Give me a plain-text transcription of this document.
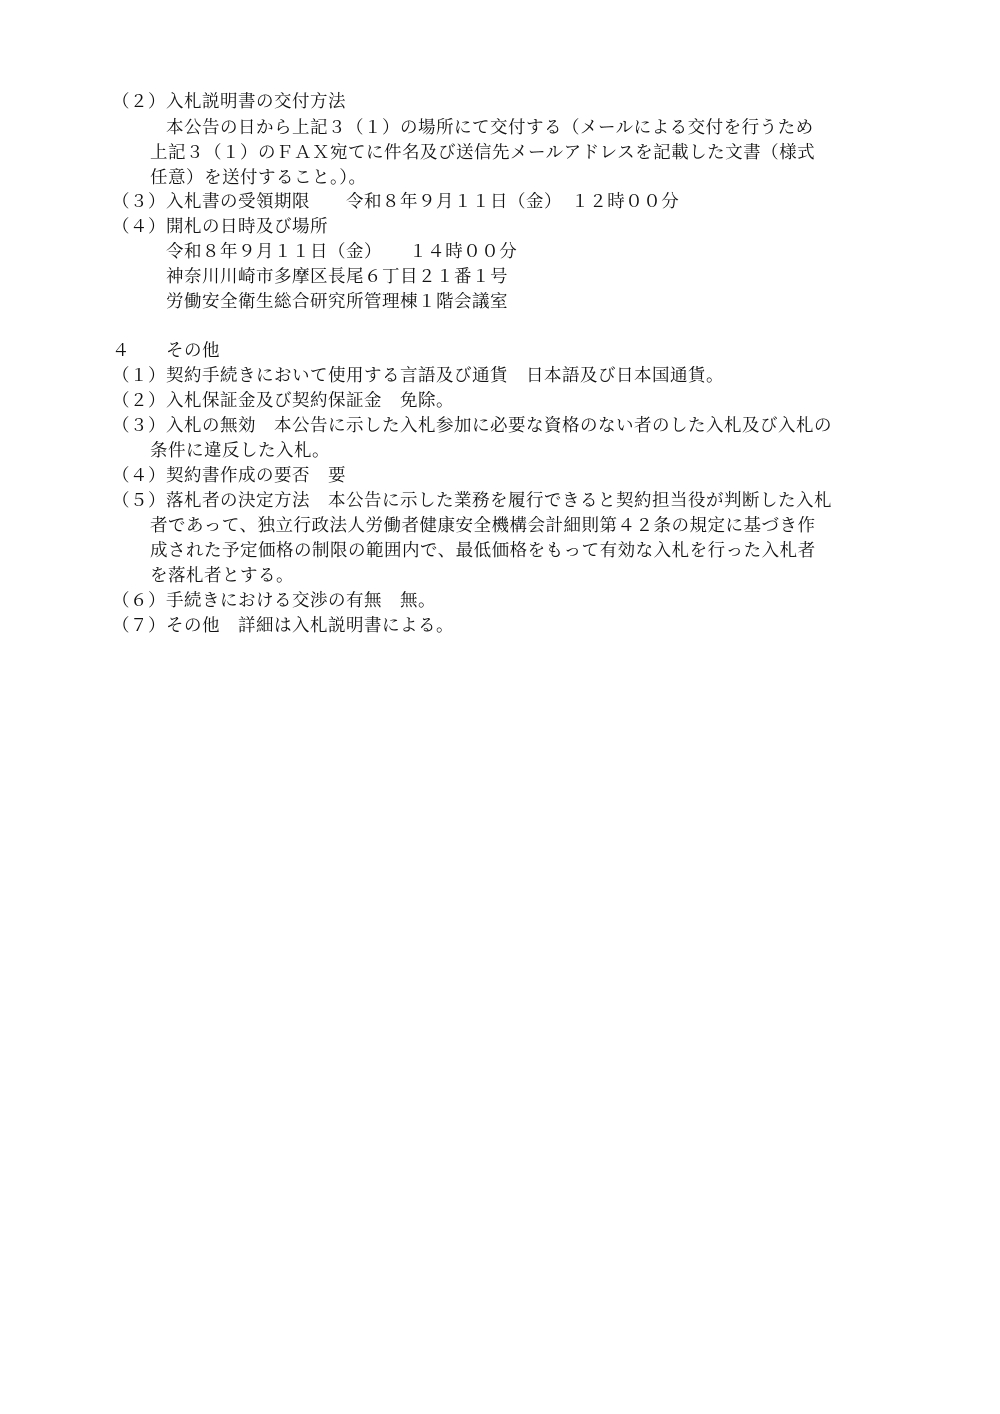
（２）入札説明書の交付方法
本公告の日から上記３（１）の場所にて交付する（メールによる交付を行うため
上記３（１）のＦＡＸ宛てに件名及び送信先メールアドレスを記載した文書（様式
任意）を送付すること。）。
（３）入札書の受領期限　　令和８年９月１１日（金）　１２時００分
（４）開札の日時及び場所
令和８年９月１１日（金）　　１４時００分
神奈川川崎市多摩区長尾６丁目２１番１号
労働安全衛生総合研究所管理棟１階会議室
４　　その他
（１）契約手続きにおいて使用する言語及び通貨　日本語及び日本国通貨。
（２）入札保証金及び契約保証金　免除。
（３）入札の無効　本公告に示した入札参加に必要な資格のない者のした入札及び入札の
条件に違反した入札。
（４）契約書作成の要否　要
（５）落札者の決定方法　本公告に示した業務を履行できると契約担当役が判断した入札
者であって、独立行政法人労働者健康安全機構会計細則第４２条の規定に基づき作
成された予定価格の制限の範囲内で、最低価格をもって有効な入札を行った入札者
を落札者とする。
（６）手続きにおける交渉の有無　無。
（７）その他　詳細は入札説明書による。
